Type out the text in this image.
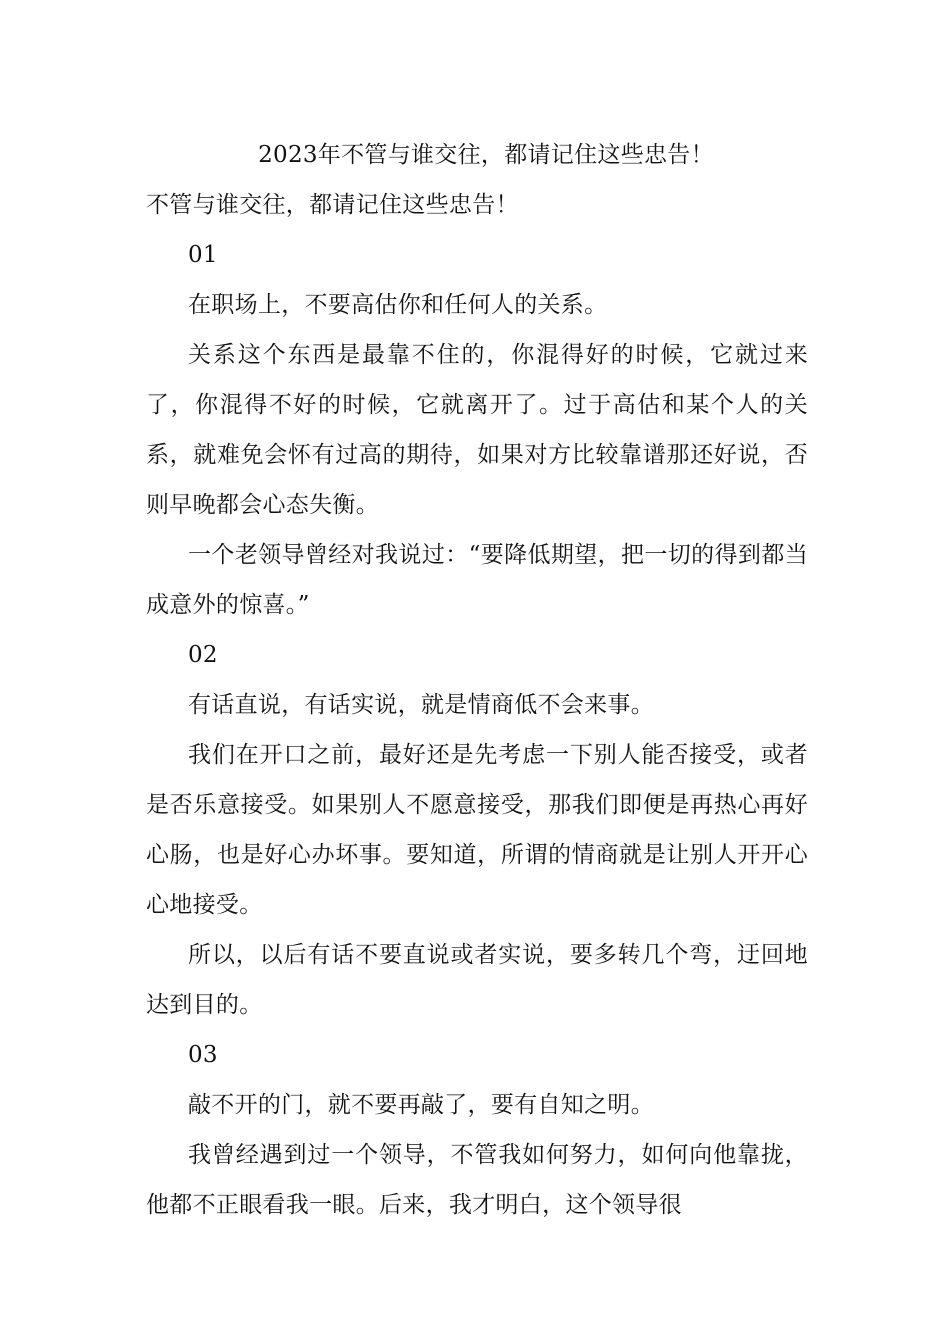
2023年不管与谁交往，都请记住这些忠告！

不管与谁交往，都请记住这些忠告！

01

在职场上，不要高估你和任何人的关系。

关系这个东西是最靠不住的，你混得好的时候，它就过来了，你混得不好的时候，它就离开了。过于高估和某个人的关系，就难免会怀有过高的期待，如果对方比较靠谱那还好说，否则早晚都会心态失衡。

一个老领导曾经对我说过：“要降低期望，把一切的得到都当成意外的惊喜。”

02

有话直说，有话实说，就是情商低不会来事。

我们在开口之前，最好还是先考虑一下别人能否接受，或者是否乐意接受。如果别人不愿意接受，那我们即便是再热心再好心肠，也是好心办坏事。要知道，所谓的情商就是让别人开开心心地接受。

所以，以后有话不要直说或者实说，要多转几个弯，迂回地达到目的。

03

敲不开的门，就不要再敲了，要有自知之明。

我曾经遇到过一个领导，不管我如何努力，如何向他靠拢，他都不正眼看我一眼。后来，我才明白，这个领导很
